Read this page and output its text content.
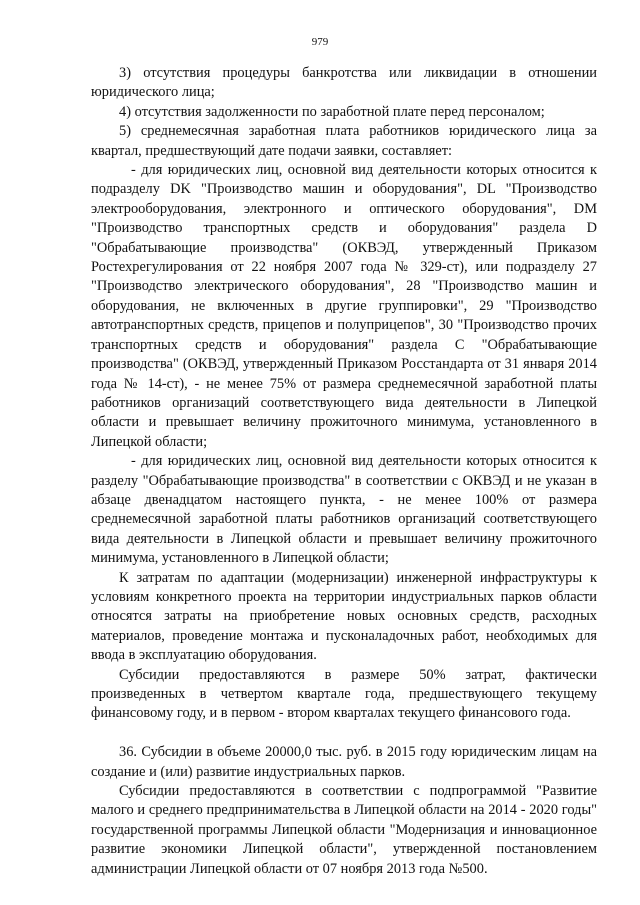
979

3) отсутствия процедуры банкротства или ликвидации в отношении юридического лица;

4) отсутствия задолженности по заработной плате перед персоналом;

5) среднемесячная заработная плата работников юридического лица за квартал, предшествующий дате подачи заявки, составляет:

- для юридических лиц, основной вид деятельности которых относится к подразделу DK "Производство машин и оборудования", DL "Производство электрооборудования, электронного и оптического оборудования", DM "Производство транспортных средств и оборудования" раздела D "Обрабатывающие производства" (ОКВЭД, утвержденный Приказом Ростехрегулирования от 22 ноября 2007 года № 329-ст), или подразделу 27 "Производство электрического оборудования", 28 "Производство машин и оборудования, не включенных в другие группировки", 29 "Производство автотранспортных средств, прицепов и полуприцепов", 30 "Производство прочих транспортных средств и оборудования" раздела C "Обрабатывающие производства" (ОКВЭД, утвержденный Приказом Росстандарта от 31 января 2014 года № 14-ст), - не менее 75% от размера среднемесячной заработной платы работников организаций соответствующего вида деятельности в Липецкой области и превышает величину прожиточного минимума, установленного в Липецкой области;

- для юридических лиц, основной вид деятельности которых относится к разделу "Обрабатывающие производства" в соответствии с ОКВЭД и не указан в абзаце двенадцатом настоящего пункта, - не менее 100% от размера среднемесячной заработной платы работников организаций соответствующего вида деятельности в Липецкой области и превышает величину прожиточного минимума, установленного в Липецкой области;

К затратам по адаптации (модернизации) инженерной инфраструктуры к условиям конкретного проекта на территории индустриальных парков области относятся затраты на приобретение новых основных средств, расходных материалов, проведение монтажа и пусконаладочных работ, необходимых для ввода в эксплуатацию оборудования.

Субсидии предоставляются в размере 50% затрат, фактически произведенных в четвертом квартале года, предшествующего текущему финансовому году, и в первом - втором кварталах текущего финансового года.

36. Субсидии в объеме 20000,0 тыс. руб. в 2015 году юридическим лицам на создание и (или) развитие индустриальных парков.

Субсидии предоставляются в соответствии с подпрограммой "Развитие малого и среднего предпринимательства в Липецкой области на 2014 - 2020 годы" государственной программы Липецкой области "Модернизация и инновационное развитие экономики Липецкой области", утвержденной постановлением администрации Липецкой области от 07 ноября 2013 года №500.
